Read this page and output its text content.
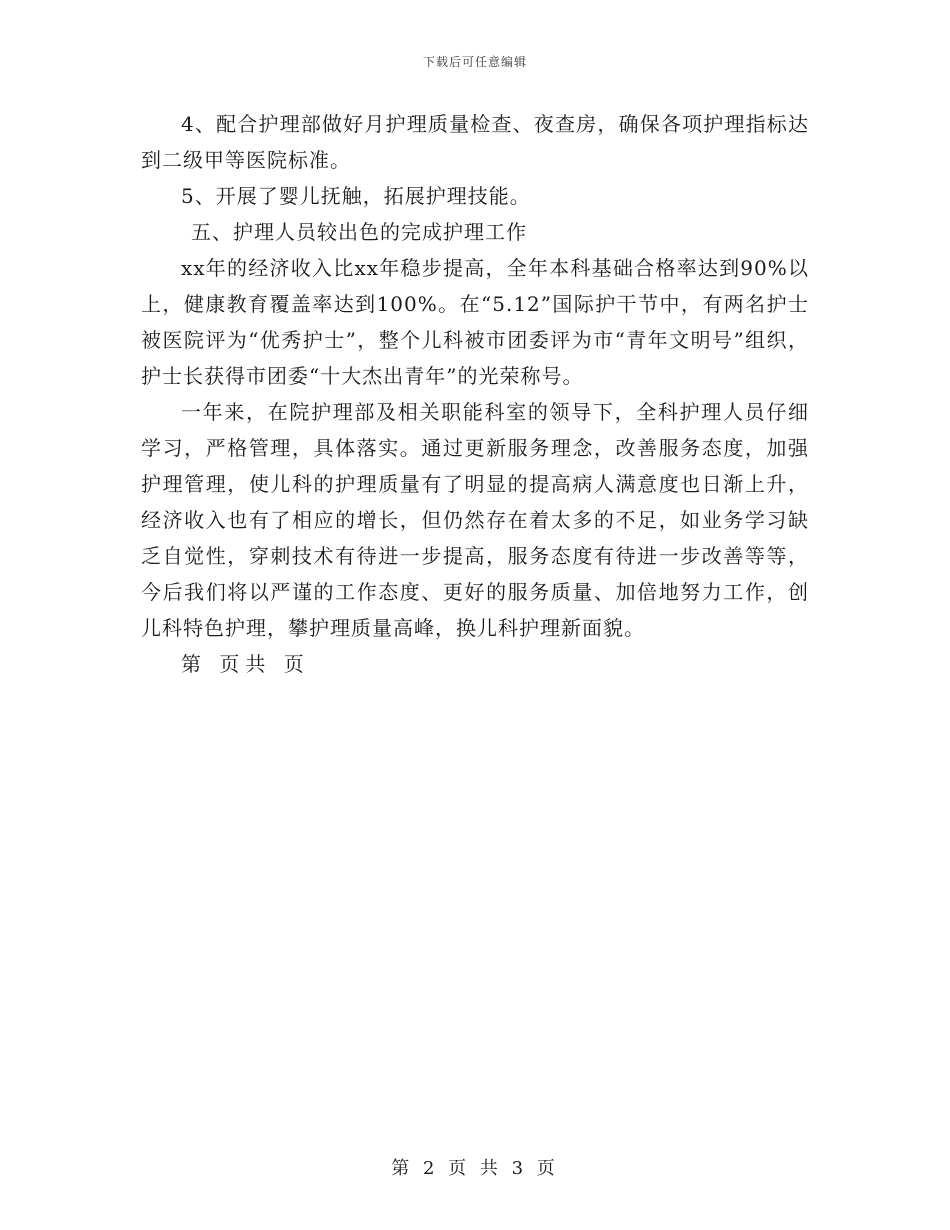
下载后可任意编辑

4、配合护理部做好月护理质量检查、夜查房，确保各项护理指标达到二级甲等医院标准。

5、开展了婴儿抚触，拓展护理技能。

五、护理人员较出色的完成护理工作

xx年的经济收入比xx年稳步提高，全年本科基础合格率达到90%以上，健康教育覆盖率达到100%。在“5.12”国际护干节中，有两名护士被医院评为“优秀护士”，整个儿科被市团委评为市“青年文明号”组织，护士长获得市团委“十大杰出青年”的光荣称号。

一年来，在院护理部及相关职能科室的领导下，全科护理人员仔细学习，严格管理，具体落实。通过更新服务理念，改善服务态度，加强护理管理，使儿科的护理质量有了明显的提高病人满意度也日渐上升，经济收入也有了相应的增长，但仍然存在着太多的不足，如业务学习缺乏自觉性，穿刺技术有待进一步提高，服务态度有待进一步改善等等，今后我们将以严谨的工作态度、更好的服务质量、加倍地努力工作，创儿科特色护理，攀护理质量高峰，换儿科护理新面貌。

第 页共 页

第 2 页 共 3 页
